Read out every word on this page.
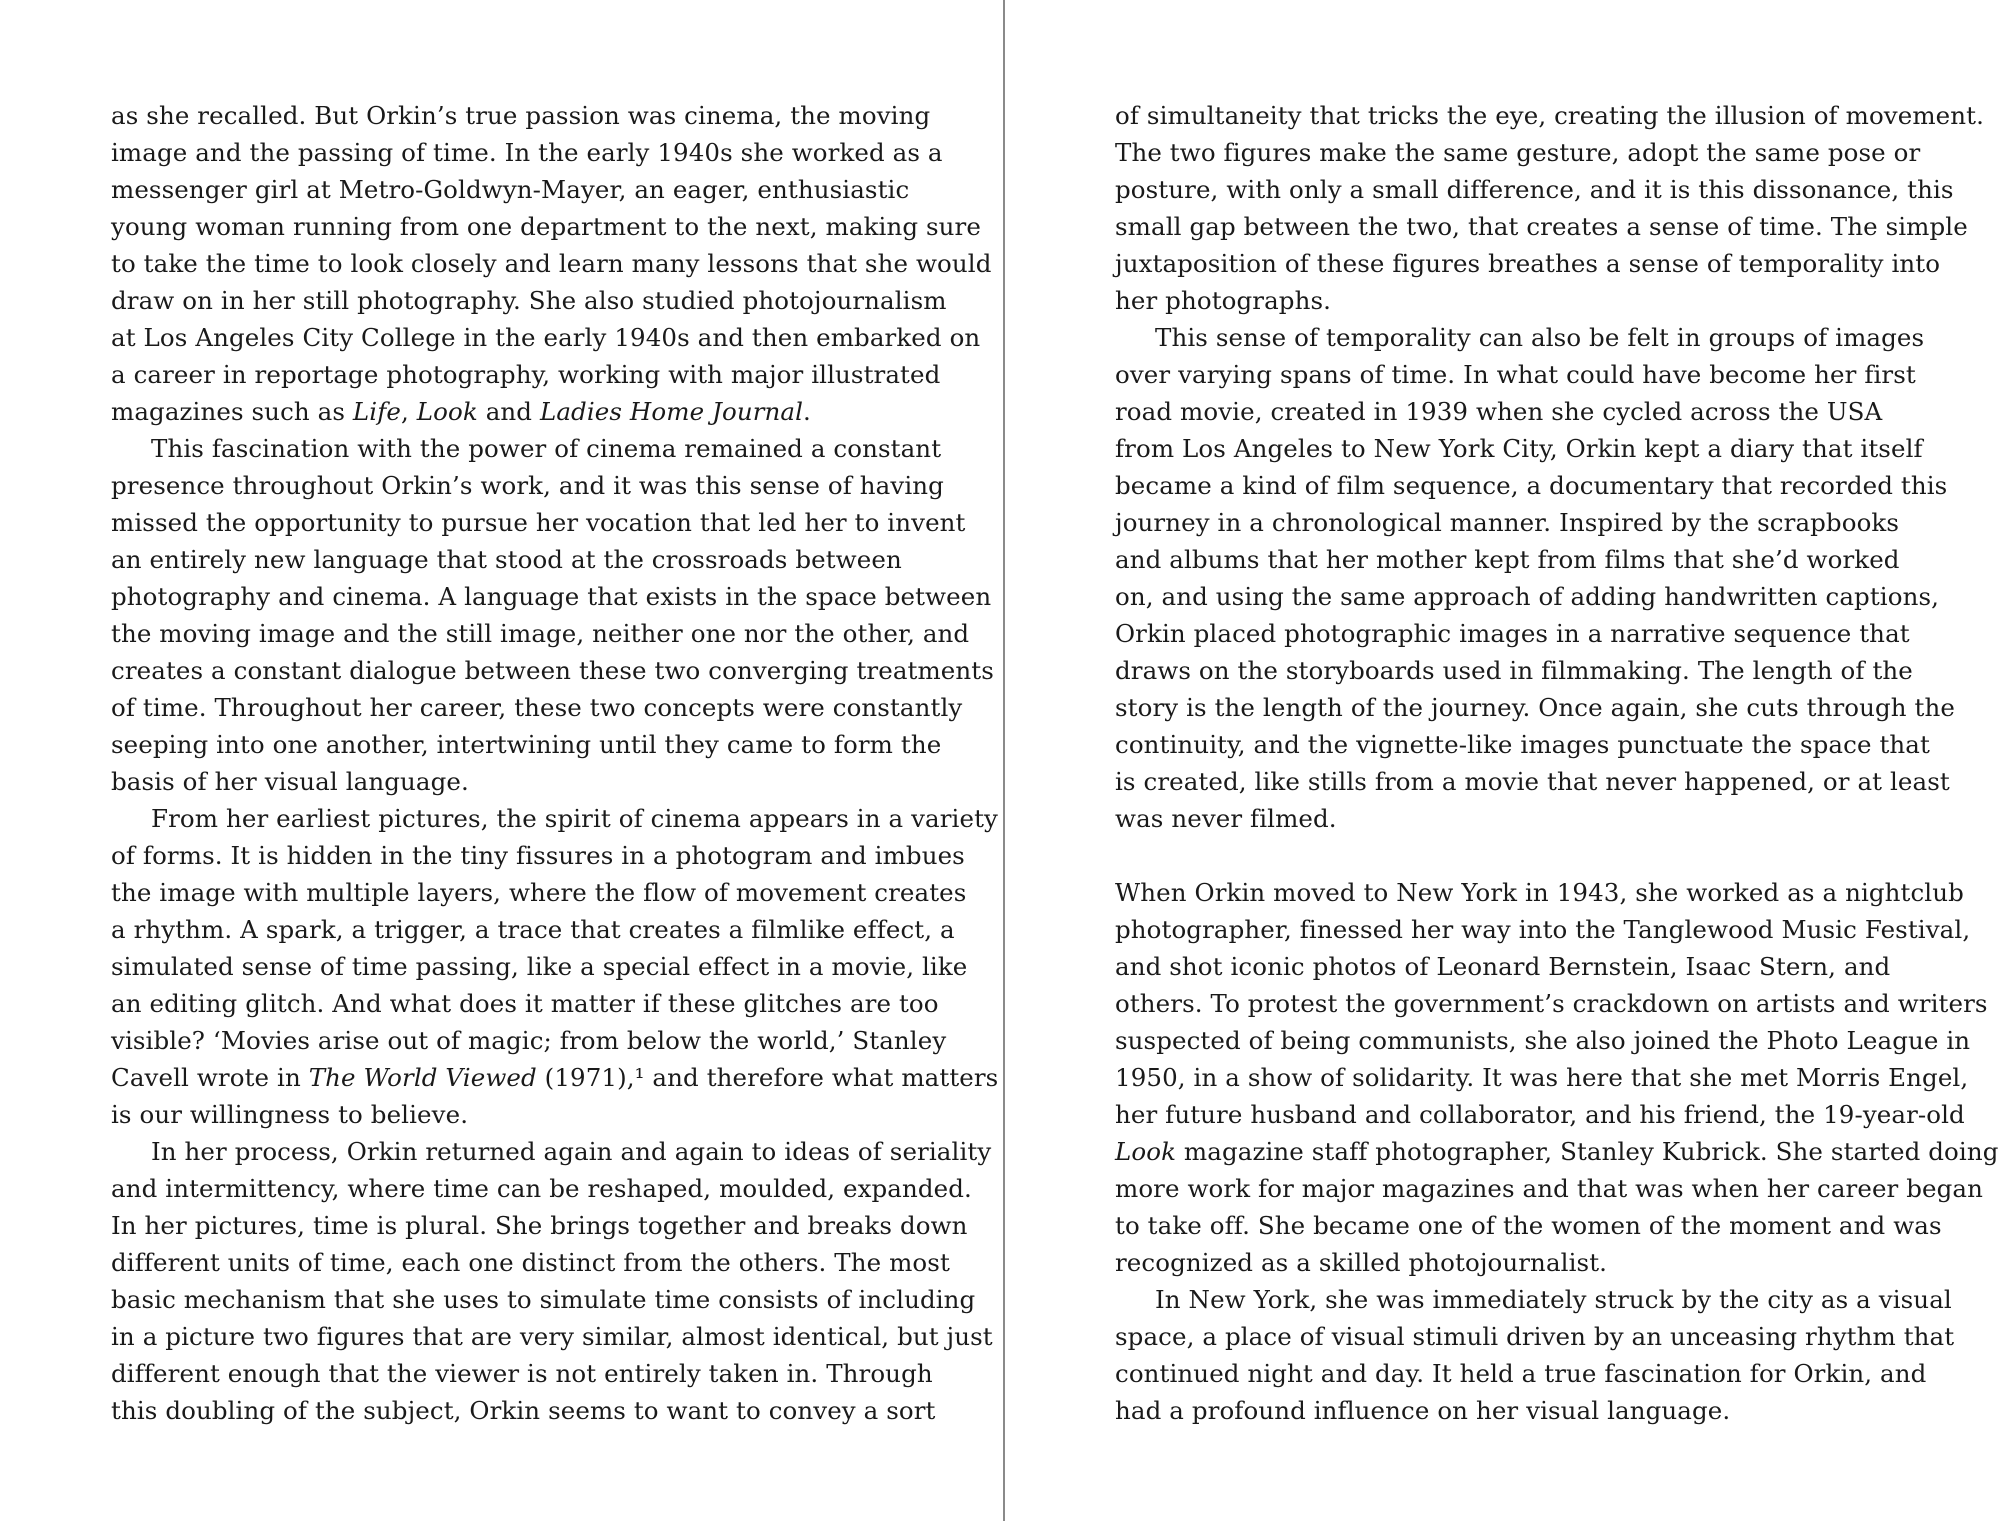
as she recalled. But Orkin’s true passion was cinema, the moving
image and the passing of time. In the early 1940s she worked as a
messenger girl at Metro-Goldwyn-Mayer, an eager, enthusiastic
young woman running from one department to the next, making sure
to take the time to look closely and learn many lessons that she would
draw on in her still photography. She also studied photojournalism
at Los Angeles City College in the early 1940s and then embarked on
a career in reportage photography, working with major illustrated
magazines such as Life, Look and Ladies Home Journal.
This fascination with the power of cinema remained a constant
presence throughout Orkin’s work, and it was this sense of having
missed the opportunity to pursue her vocation that led her to invent
an entirely new language that stood at the crossroads between
photography and cinema. A language that exists in the space between
the moving image and the still image, neither one nor the other, and
creates a constant dialogue between these two converging treatments
of time. Throughout her career, these two concepts were constantly
seeping into one another, intertwining until they came to form the
basis of her visual language.
From her earliest pictures, the spirit of cinema appears in a variety
of forms. It is hidden in the tiny fissures in a photogram and imbues
the image with multiple layers, where the flow of movement creates
a rhythm. A spark, a trigger, a trace that creates a filmlike effect, a
simulated sense of time passing, like a special effect in a movie, like
an editing glitch. And what does it matter if these glitches are too
visible? ‘Movies arise out of magic; from below the world,’ Stanley
Cavell wrote in The World Viewed (1971),¹ and therefore what matters
is our willingness to believe.
In her process, Orkin returned again and again to ideas of seriality
and intermittency, where time can be reshaped, moulded, expanded.
In her pictures, time is plural. She brings together and breaks down
different units of time, each one distinct from the others. The most
basic mechanism that she uses to simulate time consists of including
in a picture two figures that are very similar, almost identical, but just
different enough that the viewer is not entirely taken in. Through
this doubling of the subject, Orkin seems to want to convey a sort
of simultaneity that tricks the eye, creating the illusion of movement.
The two figures make the same gesture, adopt the same pose or
posture, with only a small difference, and it is this dissonance, this
small gap between the two, that creates a sense of time. The simple
juxtaposition of these figures breathes a sense of temporality into
her photographs.
This sense of temporality can also be felt in groups of images
over varying spans of time. In what could have become her first
road movie, created in 1939 when she cycled across the USA
from Los Angeles to New York City, Orkin kept a diary that itself
became a kind of film sequence, a documentary that recorded this
journey in a chronological manner. Inspired by the scrapbooks
and albums that her mother kept from films that she’d worked
on, and using the same approach of adding handwritten captions,
Orkin placed photographic images in a narrative sequence that
draws on the storyboards used in filmmaking. The length of the
story is the length of the journey. Once again, she cuts through the
continuity, and the vignette-like images punctuate the space that
is created, like stills from a movie that never happened, or at least
was never filmed.
When Orkin moved to New York in 1943, she worked as a nightclub
photographer, finessed her way into the Tanglewood Music Festival,
and shot iconic photos of Leonard Bernstein, Isaac Stern, and
others. To protest the government’s crackdown on artists and writers
suspected of being communists, she also joined the Photo League in
1950, in a show of solidarity. It was here that she met Morris Engel,
her future husband and collaborator, and his friend, the 19-year-old
Look magazine staff photographer, Stanley Kubrick. She started doing
more work for major magazines and that was when her career began
to take off. She became one of the women of the moment and was
recognized as a skilled photojournalist.
In New York, she was immediately struck by the city as a visual
space, a place of visual stimuli driven by an unceasing rhythm that
continued night and day. It held a true fascination for Orkin, and
had a profound influence on her visual language.
